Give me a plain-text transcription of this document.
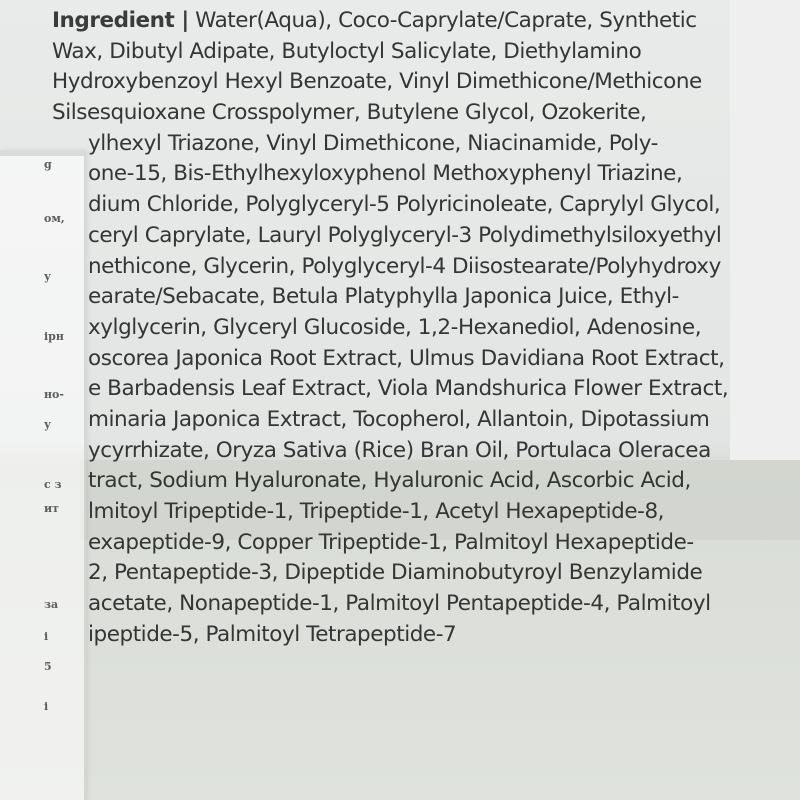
Ingredient | Water(Aqua), Coco-Caprylate/Caprate, Synthetic
Wax, Dibutyl Adipate, Butyloctyl Salicylate, Diethylamino
Hydroxybenzoyl Hexyl Benzoate, Vinyl Dimethicone/Methicone
Silsesquioxane Crosspolymer, Butylene Glycol, Ozokerite,
ylhexyl Triazone, Vinyl Dimethicone, Niacinamide, Poly-
one-15, Bis-Ethylhexyloxyphenol Methoxyphenyl Triazine,
dium Chloride, Polyglyceryl-5 Polyricinoleate, Caprylyl Glycol,
ceryl Caprylate, Lauryl Polyglyceryl-3 Polydimethylsiloxyethyl
nethicone, Glycerin, Polyglyceryl-4 Diisostearate/Polyhydroxy
earate/Sebacate, Betula Platyphylla Japonica Juice, Ethyl-
xylglycerin, Glyceryl Glucoside, 1,2-Hexanediol, Adenosine,
oscorea Japonica Root Extract, Ulmus Davidiana Root Extract,
e Barbadensis Leaf Extract, Viola Mandshurica Flower Extract,
minaria Japonica Extract, Tocopherol, Allantoin, Dipotassium
ycyrrhizate, Oryza Sativa (Rice) Bran Oil, Portulaca Oleracea
tract, Sodium Hyaluronate, Hyaluronic Acid, Ascorbic Acid,
lmitoyl Tripeptide-1, Tripeptide-1, Acetyl Hexapeptide-8,
exapeptide-9, Copper Tripeptide-1, Palmitoyl Hexapeptide-
2, Pentapeptide-3, Dipeptide Diaminobutyroyl Benzylamide
acetate, Nonapeptide-1, Palmitoyl Pentapeptide-4, Palmitoyl
ipeptide-5, Palmitoyl Tetrapeptide-7
g
ом,
у
ірн
но-
у
с з
ит
за
і
5
і
